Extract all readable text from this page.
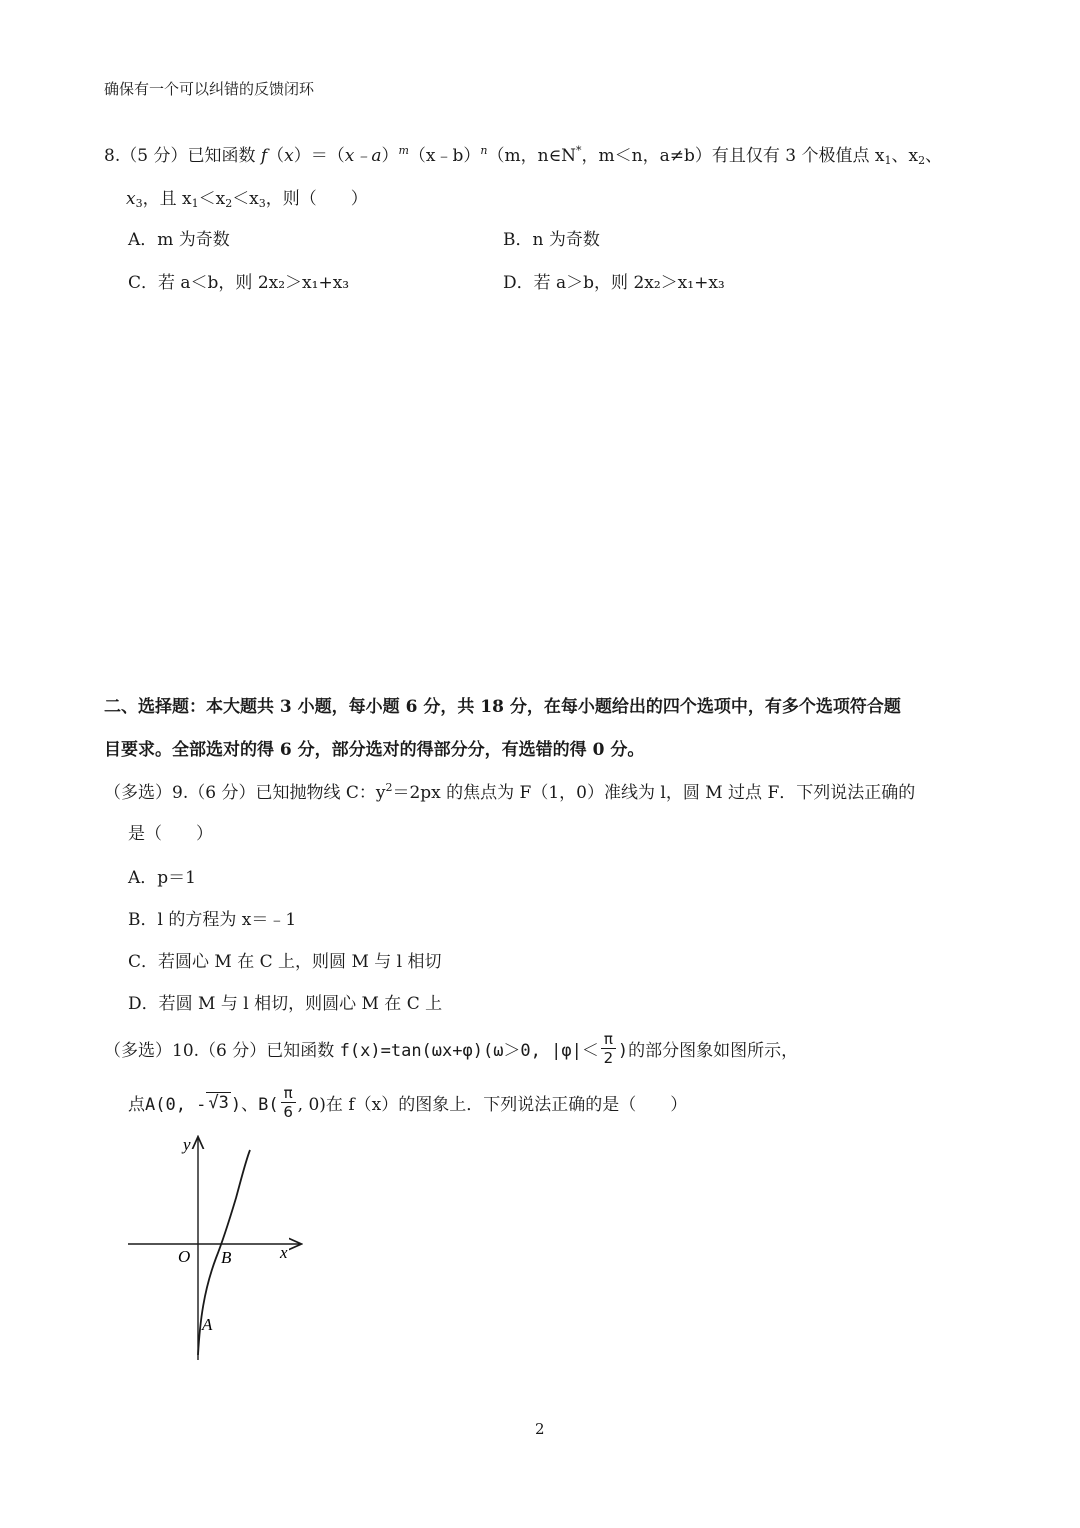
确保有一个可以纠错的反馈闭环
8.（5 分）已知函数 f（x）＝（x﹣a）$^m$（x﹣b）$^n$（m，n∈N*，m＜n，a≠b）有且仅有 3 个极值点 $x_1$、$x_2$、
$x_3$，且 $x_1<x_2<x_3$，则（　　）
A．m 为奇数	B．n 为奇数
C．若 a＜b，则 2x₂＞x₁+x₃	D．若 a＞b，则 2x₂＞x₁+x₃
二、选择题：本大题共 3 小题，每小题 6 分，共 18 分，在每小题给出的四个选项中，有多个选项符合题
目要求。全部选对的得 6 分，部分选对的得部分分，有选错的得 0 分。
（多选）9.（6 分）已知抛物线 C：$y^2=2px$ 的焦点为 F（1，0）准线为 l，圆 M 过点 F．下列说法正确的
是（　　）
A．p＝1
B．l 的方程为 x＝﹣1
C．若圆心 M 在 C 上，则圆 M 与 l 相切
D．若圆 M 与 l 相切，则圆心 M 在 C 上
（多选）10.（6 分）已知函数 f(x)=tan(ωx+φ)(ω＞0, $|\varphi|< \frac{\pi}{2}$ )的部分图象如图所示，
点A(0, - √3 )、$B( \frac{\pi}{6}$ , 0)在 f（x）的图象上．下列说法正确的是（　　）
y
x
O B
A
2
